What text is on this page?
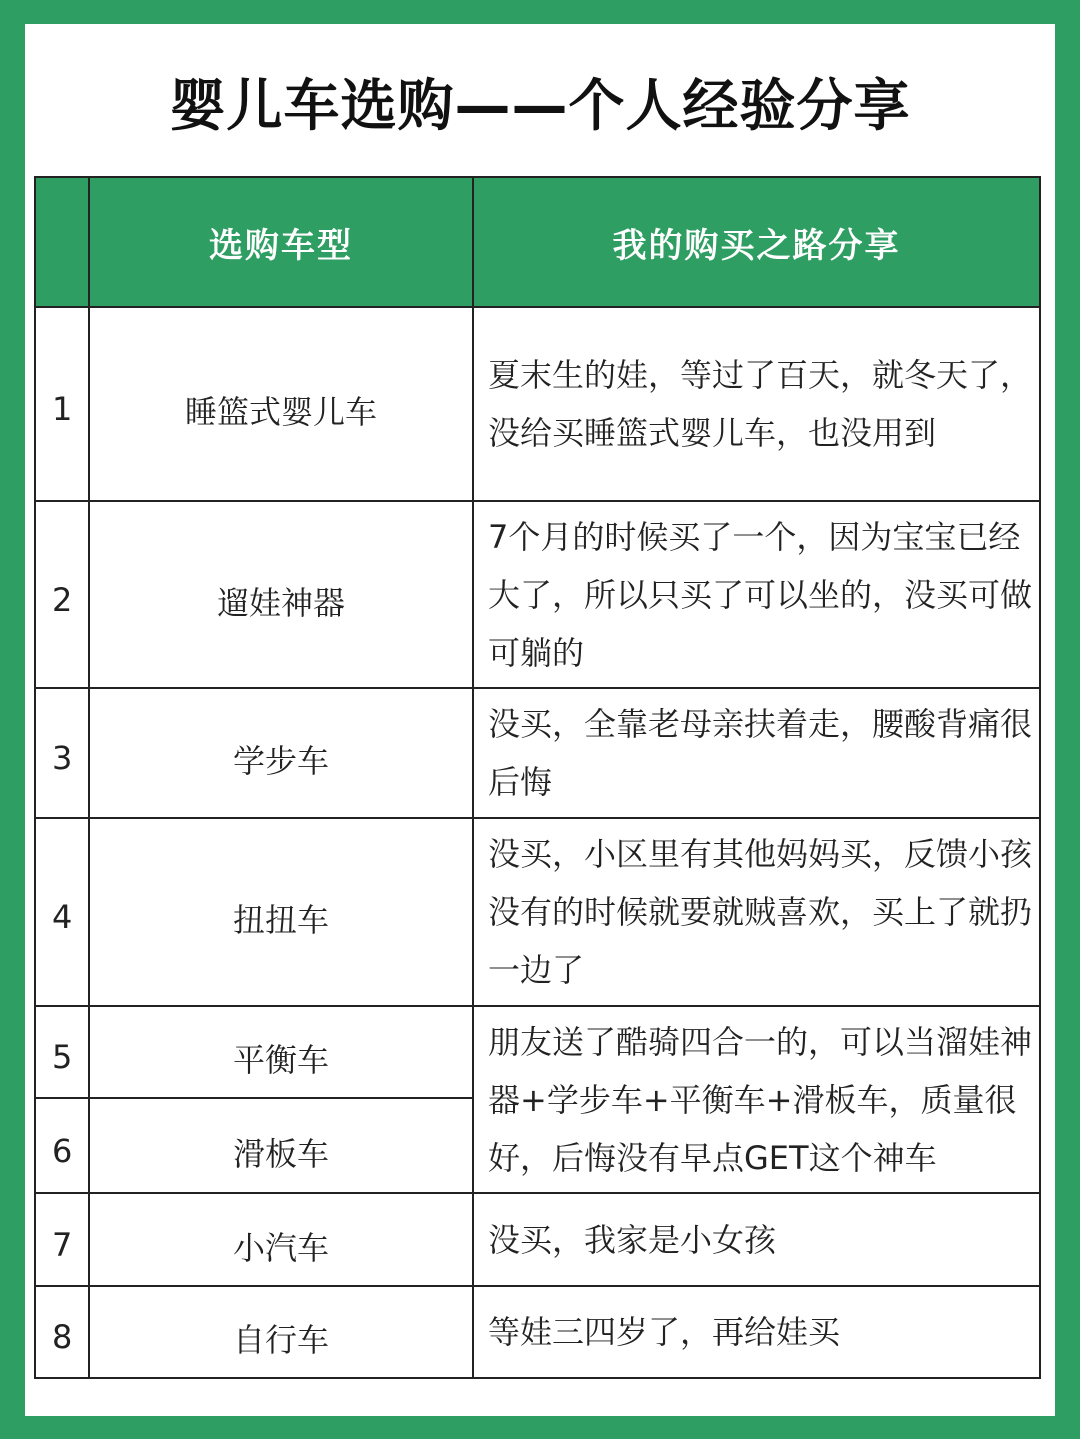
婴儿车选购——个人经验分享
	选购车型	我的购买之路分享
1	睡篮式婴儿车	夏末生的娃，等过了百天，就冬天了，没给买睡篮式婴儿车，也没用到
2	遛娃神器	7个月的时候买了一个，因为宝宝已经大了，所以只买了可以坐的，没买可做可躺的
3	学步车	没买，全靠老母亲扶着走，腰酸背痛很后悔
4	扭扭车	没买，小区里有其他妈妈买，反馈小孩没有的时候就要就贼喜欢，买上了就扔一边了
5	平衡车	朋友送了酷骑四合一的，可以当溜娃神器+学步车+平衡车+滑板车，质量很好，后悔没有早点GET这个神车
6	滑板车	
7	小汽车	没买，我家是小女孩
8	自行车	等娃三四岁了，再给娃买
